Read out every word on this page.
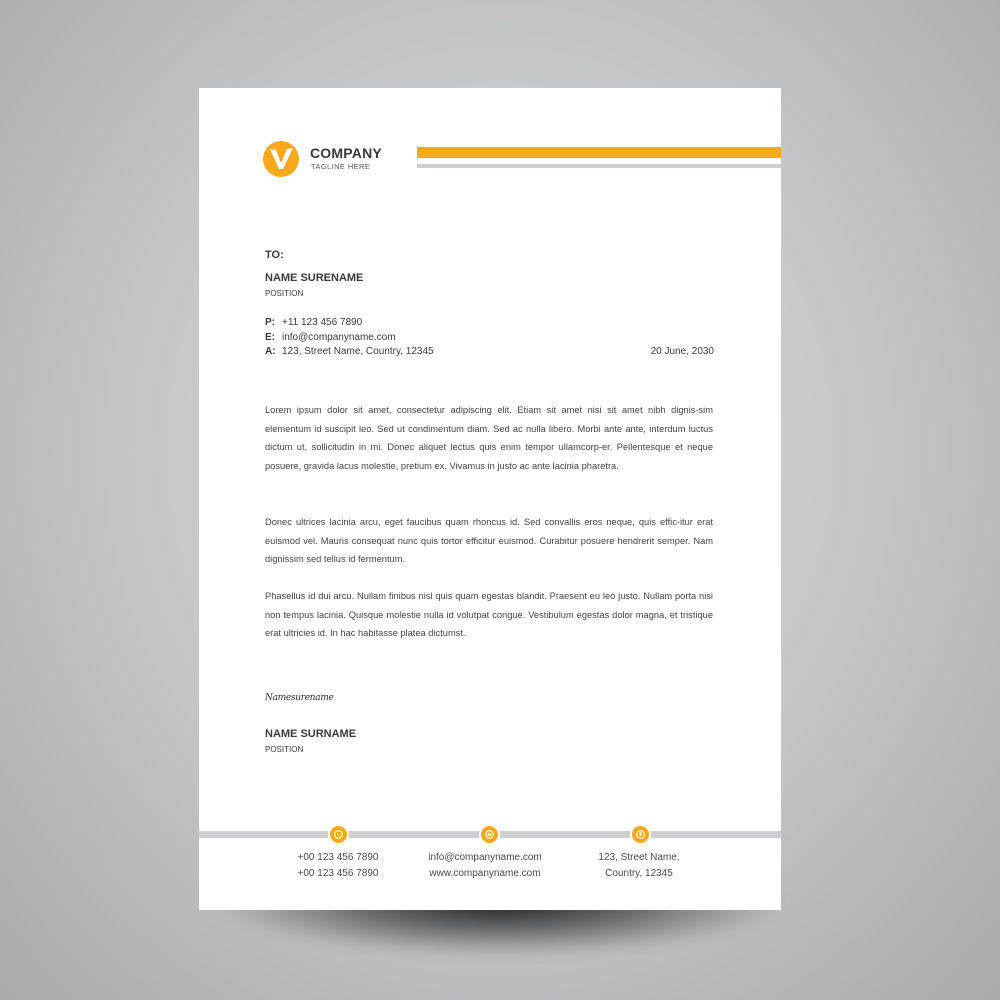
COMPANY
TAGLINE HERE
TO:
NAME SURENAME
POSITION
P: +11 123 456 7890
E: info@companyname.com
A: 123, Street Name, Country, 12345	20 June, 2030

Lorem ipsum dolor sit amet, consectetur adipiscing elit. Etiam sit amet nisi sit amet nibh dignis-sim elementum id suscipit leo. Sed ut condimentum diam. Sed ac nulla libero. Morbi ante ante, interdum luctus dictum ut, sollicitudin in mi. Donec aliquet lectus quis enim tempor ullamcorp-er. Pellentesque et neque posuere, gravida lacus molestie, pretium ex. Vivamus in justo ac ante lacinia pharetra.

Donec ultrices lacinia arcu, eget faucibus quam rhoncus id. Sed convallis eros neque, quis effic-itur erat euismod vel. Mauris consequat nunc quis tortor efficitur euismod. Curabitur posuere hendrerit semper. Nam dignissim sed tellus id fermentum.

Phasellus id dui arcu. Nullam finibus nisl quis quam egestas blandit. Praesent eu leo justo. Nullam porta nisi non tempus lacinia. Quisque molestie nulla id volutpat congue. Vestibulum egestas dolor magna, et tristique erat ultricies id. In hac habitasse platea dictumst.

Namesurename
NAME SURNAME
POSITION
+00 123 456 7890
+00 123 456 7890
info@companyname.com
www.companyname.com
123, Street Name,
Country, 12345
